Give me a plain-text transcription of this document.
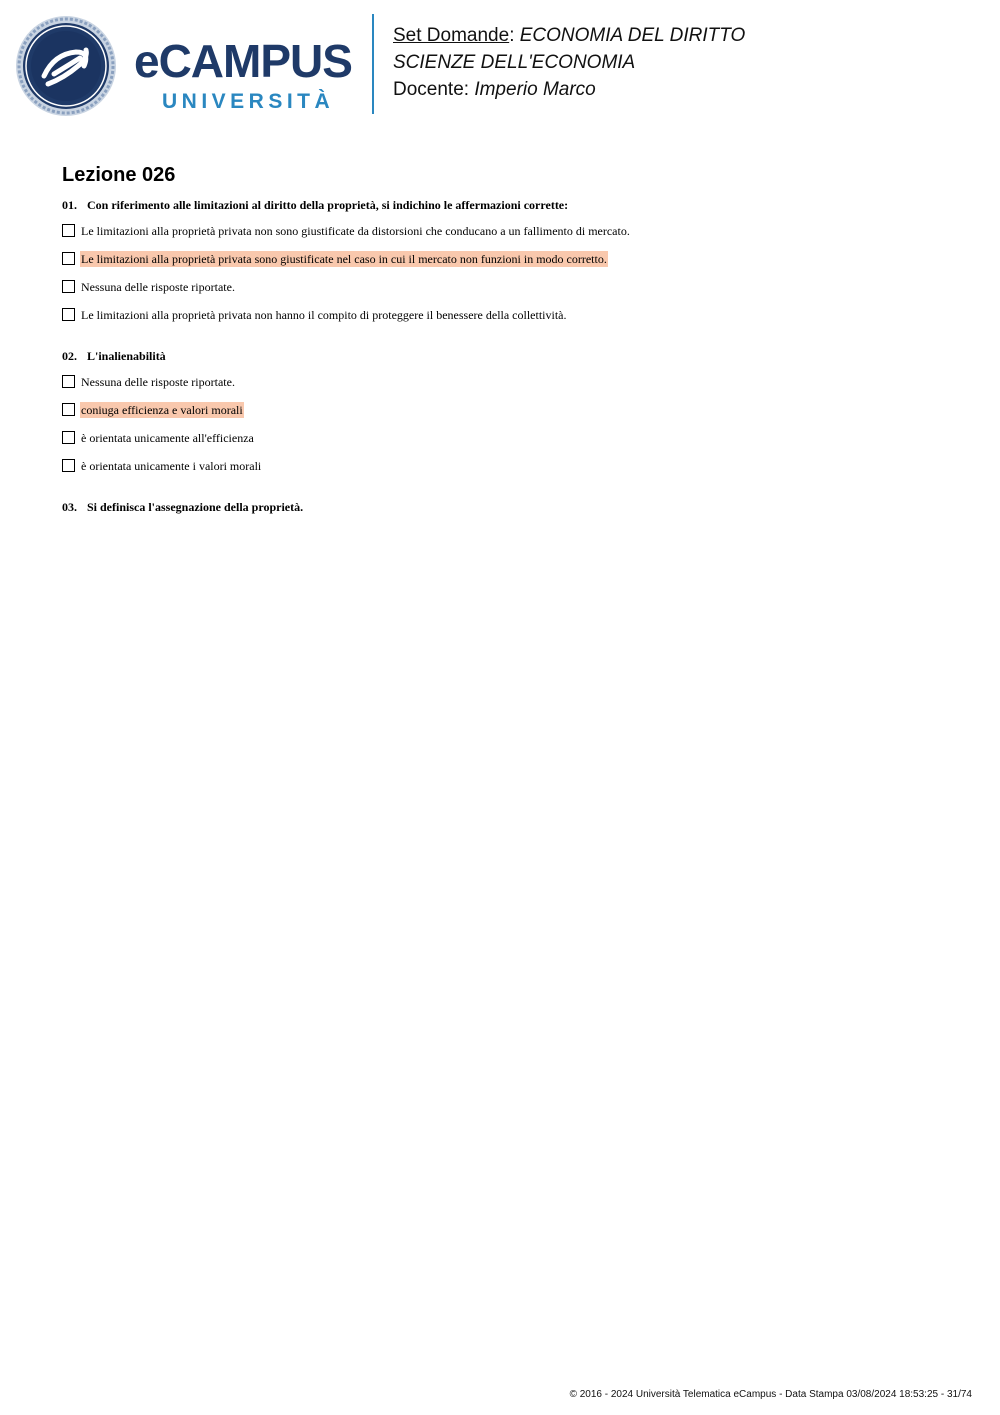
eCAMPUS
UNIVERSITÀ
Set Domande: ECONOMIA DEL DIRITTO
SCIENZE DELL'ECONOMIA
Docente: Imperio Marco
Lezione 026
01. Con riferimento alle limitazioni al diritto della proprietà, si indichino le affermazioni corrette:
Le limitazioni alla proprietà privata non sono giustificate da distorsioni che conducano a un fallimento di mercato.
Le limitazioni alla proprietà privata sono giustificate nel caso in cui il mercato non funzioni in modo corretto.
Nessuna delle risposte riportate.
Le limitazioni alla proprietà privata non hanno il compito di proteggere il benessere della collettività.
02. L'inalienabilità
Nessuna delle risposte riportate.
coniuga efficienza e valori morali
è orientata unicamente all'efficienza
è orientata unicamente i valori morali
03. Si definisca l'assegnazione della proprietà.
© 2016 - 2024 Università Telematica eCampus - Data Stampa 03/08/2024 18:53:25 - 31/74
